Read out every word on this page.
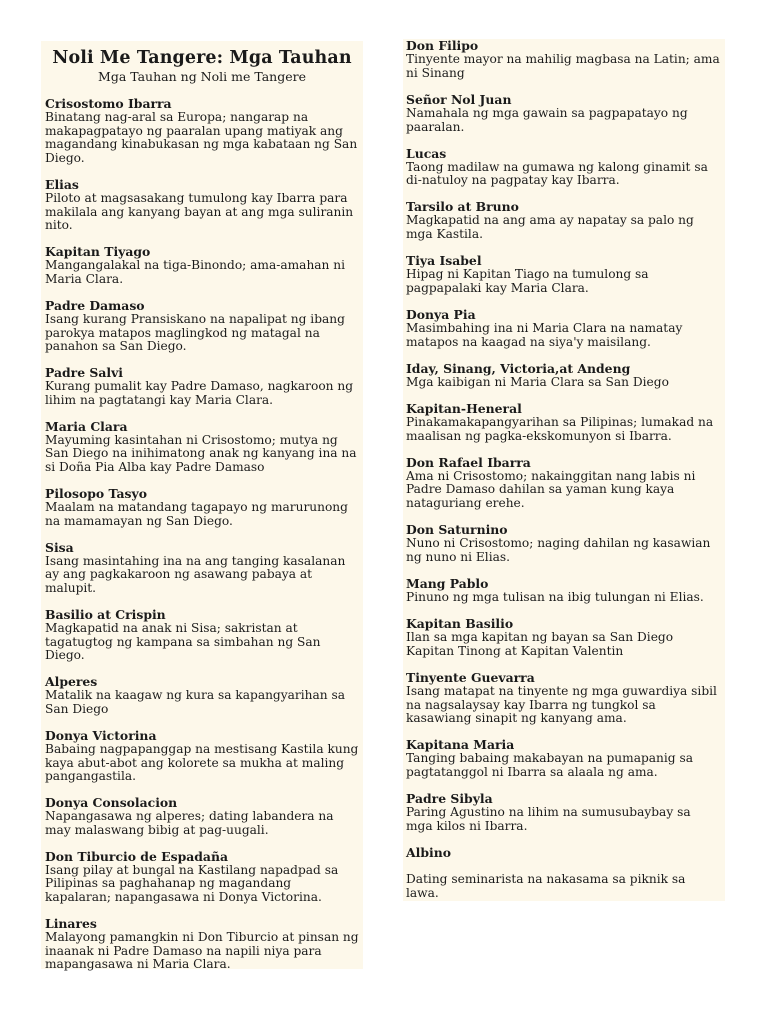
Noli Me Tangere: Mga Tauhan
Mga Tauhan ng Noli me Tangere
Crisostomo Ibarra
Binatang nag-aral sa Europa; nangarap na makapagpatayo ng paaralan upang matiyak ang magandang kinabukasan ng mga kabataan ng San Diego.
Elias
Piloto at magsasakang tumulong kay Ibarra para makilala ang kanyang bayan at ang mga suliranin nito.
Kapitan Tiyago
Mangangalakal na tiga-Binondo; ama-amahan ni Maria Clara.
Padre Damaso
Isang kurang Pransiskano na napalipat ng ibang parokya matapos maglingkod ng matagal na panahon sa San Diego.
Padre Salvi
Kurang pumalit kay Padre Damaso, nagkaroon ng lihim na pagtatangi kay Maria Clara.
Maria Clara
Mayuming kasintahan ni Crisostomo; mutya ng San Diego na inihimatong anak ng kanyang ina na si Doña Pia Alba kay Padre Damaso
Pilosopo Tasyo
Maalam na matandang tagapayo ng marurunong na mamamayan ng San Diego.
Sisa
Isang masintahing ina na ang tanging kasalanan ay ang pagkakaroon ng asawang pabaya at malupit.
Basilio at Crispin
Magkapatid na anak ni Sisa; sakristan at tagatugtog ng kampana sa simbahan ng San Diego.
Alperes
Matalik na kaagaw ng kura sa kapangyarihan sa San Diego
Donya Victorina
Babaing nagpapanggap na mestisang Kastila kung kaya abut-abot ang kolorete sa mukha at maling pangangastila.
Donya Consolacion
Napangasawa ng alperes; dating labandera na may malaswang bibig at pag-uugali.
Don Tiburcio de Espadaña
Isang pilay at bungal na Kastilang napadpad sa Pilipinas sa paghahanap ng magandang kapalaran; napangasawa ni Donya Victorina.
Linares
Malayong pamangkin ni Don Tiburcio at pinsan ng inaanak ni Padre Damaso na napili niya para mapangasawa ni Maria Clara.
Don Filipo
Tinyente mayor na mahilig magbasa na Latin; ama ni Sinang
Señor Nol Juan
Namahala ng mga gawain sa pagpapatayo ng paaralan.
Lucas
Taong madilaw na gumawa ng kalong ginamit sa di-natuloy na pagpatay kay Ibarra.
Tarsilo at Bruno
Magkapatid na ang ama ay napatay sa palo ng mga Kastila.
Tiya Isabel
Hipag ni Kapitan Tiago na tumulong sa pagpapalaki kay Maria Clara.
Donya Pia
Masimbahing ina ni Maria Clara na namatay matapos na kaagad na siya'y maisilang.
Iday, Sinang, Victoria,at Andeng
Mga kaibigan ni Maria Clara sa San Diego
Kapitan-Heneral
Pinakamakapangyarihan sa Pilipinas; lumakad na maalisan ng pagka-ekskomunyon si Ibarra.
Don Rafael Ibarra
Ama ni Crisostomo; nakainggitan nang labis ni Padre Damaso dahilan sa yaman kung kaya nataguriang erehe.
Don Saturnino
Nuno ni Crisostomo; naging dahilan ng kasawian ng nuno ni Elias.
Mang Pablo
Pinuno ng mga tulisan na ibig tulungan ni Elias.
Kapitan Basilio
Ilan sa mga kapitan ng bayan sa San Diego Kapitan Tinong at Kapitan Valentin
Tinyente Guevarra
Isang matapat na tinyente ng mga guwardiya sibil na nagsalaysay kay Ibarra ng tungkol sa kasawiang sinapit ng kanyang ama.
Kapitana Maria
Tanging babaing makabayan na pumapanig sa pagtatanggol ni Ibarra sa alaala ng ama.
Padre Sibyla
Paring Agustino na lihim na sumusubaybay sa mga kilos ni Ibarra.
Albino
Dating seminarista na nakasama sa piknik sa lawa.
